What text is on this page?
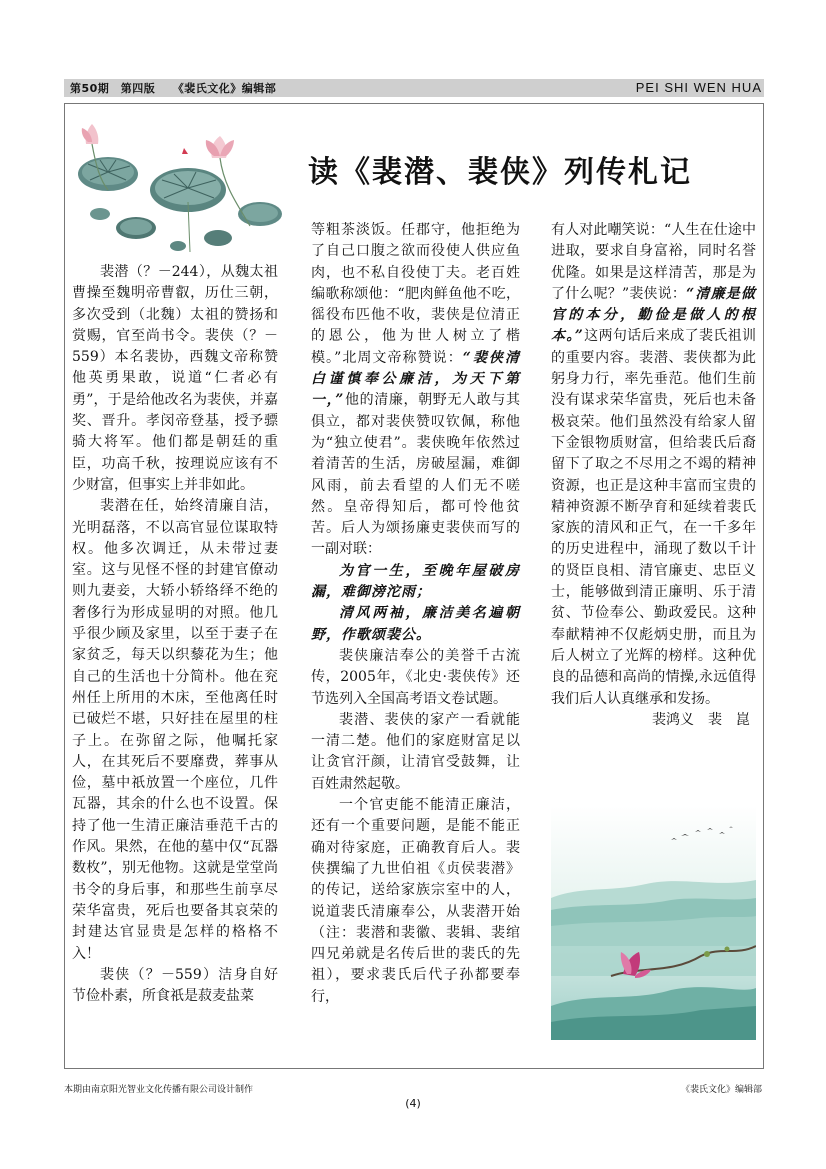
第50期　第四版　　《裴氏文化》编辑部	PEI SHI WEN HUA
读《裴潜、裴侠》列传札记

裴潜（？－244），从魏太祖曹操至魏明帝曹叡，历仕三朝，多次受到（北魏）太祖的赞扬和赏赐，官至尚书令。裴侠（？－559）本名裴协，西魏文帝称赞他英勇果敢，说道“仁者必有勇”，于是给他改名为裴侠，并嘉奖、晋升。孝闵帝登基，授予骠骑大将军。他们都是朝廷的重臣，功高千秋，按理说应该有不少财富，但事实上并非如此。

裴潜在任，始终清廉自洁，光明磊落，不以高官显位谋取特权。他多次调迁，从未带过妻室。这与见怪不怪的封建官僚动则九妻妾，大轿小轿络绎不绝的奢侈行为形成显明的对照。他几乎很少顾及家里，以至于妻子在家贫乏，每天以织藜花为生；他自己的生活也十分简朴。他在兖州任上所用的木床，至他离任时已破烂不堪，只好挂在屋里的柱子上。在弥留之际，他嘱托家人，在其死后不要靡费，葬事从俭，墓中祇放置一个座位，几件瓦器，其余的什么也不设置。保持了他一生清正廉洁垂范千古的作风。果然，在他的墓中仅“瓦器数枚”，别无他物。这就是堂堂尚书令的身后事，和那些生前享尽荣华富贵，死后也要备其哀荣的封建达官显贵是怎样的格格不入！

裴侠（？－559）洁身自好节俭朴素，所食祇是菽麦盐菜

等粗茶淡饭。任郡守，他拒绝为了自己口腹之欲而役使人供应鱼肉，也不私自役使丁夫。老百姓编歌称颂他：“肥肉鲜鱼他不吃，徭役布匹他不收，裴侠是位清正的恩公，他为世人树立了楷模。”北周文帝称赞说：“裴侠清白谨慎奉公廉洁，为天下第一，”他的清廉，朝野无人敢与其俱立，都对裴侠赞叹钦佩，称他为“独立使君”。裴侠晚年依然过着清苦的生活，房破屋漏，难御风雨，前去看望的人们无不嗟然。皇帝得知后，都可怜他贫苦。后人为颂扬廉吏裴侠而写的一副对联：

为官一生，至晚年屋破房漏，难御滂沱雨；

清风两袖，廉洁美名遍朝野，作歌颂裴公。

裴侠廉洁奉公的美誉千古流传，2005年，《北史·裴侠传》还节选列入全国高考语文卷试题。

裴潜、裴侠的家产一看就能一清二楚。他们的家庭财富足以让贪官汗颜，让清官受鼓舞，让百姓肃然起敬。

一个官吏能不能清正廉洁，还有一个重要问题，是能不能正确对待家庭，正确教育后人。裴侠撰编了九世伯祖《贞侯裴潜》的传记，送给家族宗室中的人，说道裴氏清廉奉公，从裴潜开始（注：裴潜和裴徽、裴辑、裴绾四兄弟就是名传后世的裴氏的先祖），要求裴氏后代子孙都要奉行，

有人对此嘲笑说：“人生在仕途中进取，要求自身富裕，同时名誉优隆。如果是这样清苦，那是为了什么呢？”裴侠说：“清廉是做官的本分，勤俭是做人的根本。”这两句话后来成了裴氏祖训的重要内容。裴潜、裴侠都为此躬身力行，率先垂范。他们生前没有谋求荣华富贵，死后也未备极哀荣。他们虽然没有给家人留下金银物质财富，但给裴氏后裔留下了取之不尽用之不竭的精神资源，也正是这种丰富而宝贵的精神资源不断孕育和延续着裴氏家族的清风和正气，在一千多年的历史进程中，涌现了数以千计的贤臣良相、清官廉吏、忠臣义士，能够做到清正廉明、乐于清贫、节俭奉公、勤政爱民。这种奉献精神不仅彪炳史册，而且为后人树立了光辉的榜样。这种优良的品德和高尚的情操,永远值得我们后人认真继承和发扬。

裴鸿义　裴　崑

本期由南京阳光智业文化传播有限公司设计制作	《裴氏文化》编辑部
(4)
